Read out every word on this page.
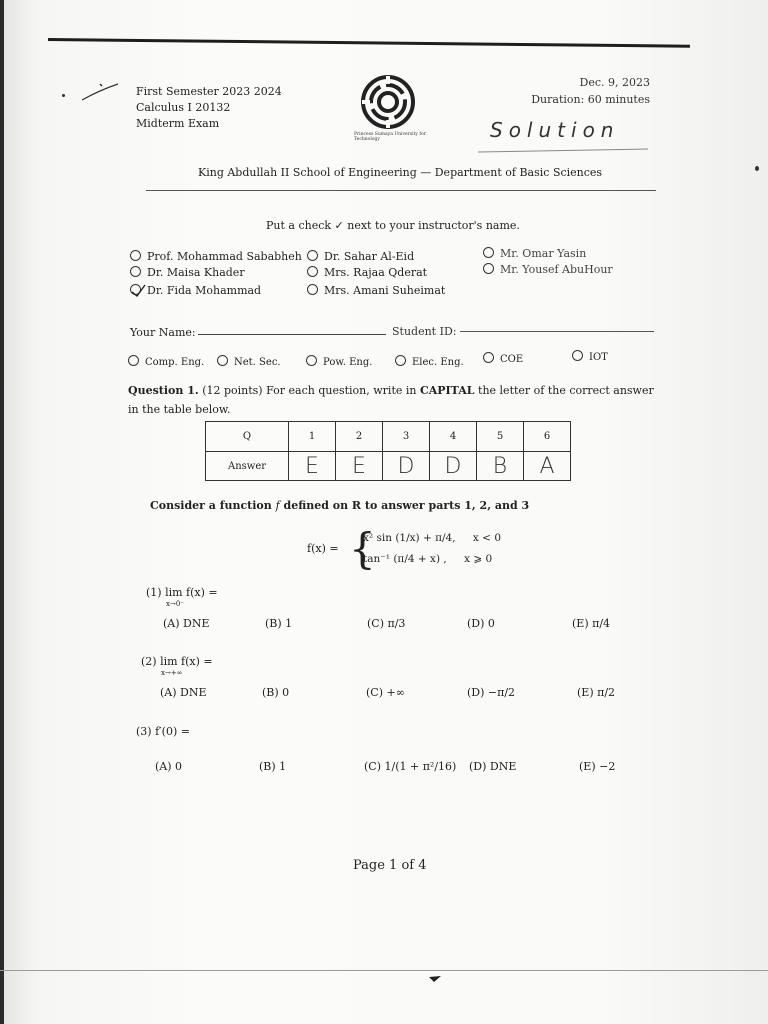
First Semester 2023 2024
Calculus I 20132
Midterm Exam
Princess Sumaya University for Technology
Dec. 9, 2023
Duration: 60 minutes
Solution
King Abdullah II School of Engineering — Department of Basic Sciences
Put a check ✓ next to your instructor's name.
Prof. Mohammad Sababheh
Dr. Maisa Khader
Dr. Fida Mohammad
Dr. Sahar Al-Eid
Mrs. Rajaa Qderat
Mrs. Amani Suheimat
Mr. Omar Yasin
Mr. Yousef AbuHour
Your Name:	Student ID:
Comp. Eng.	Net. Sec.	Pow. Eng.	Elec. Eng.	COE	IOT
Question 1. (12 points) For each question, write in CAPITAL the letter of the correct answer in the table below.
Q	1	2	3	4	5	6
Answer	E	E	D	D	B	A
Consider a function f defined on R to answer parts 1, 2, and 3
f(x) = {
x² sin (1/x) + π/4, x < 0
tan⁻¹ (π/4 + x) , x ⩾ 0
(1) lim f(x) =
x→0⁻
(A) DNE	(B) 1	(C) π/3	(D) 0	(E) π/4
(2) lim f(x) =
x→+∞
(A) DNE	(B) 0	(C) +∞	(D) −π/2	(E) π/2
(3) f′(0) =
(A) 0	(B) 1	(C) 1/(1 + π²/16) (D) DNE	(E) −2
Page 1 of 4
